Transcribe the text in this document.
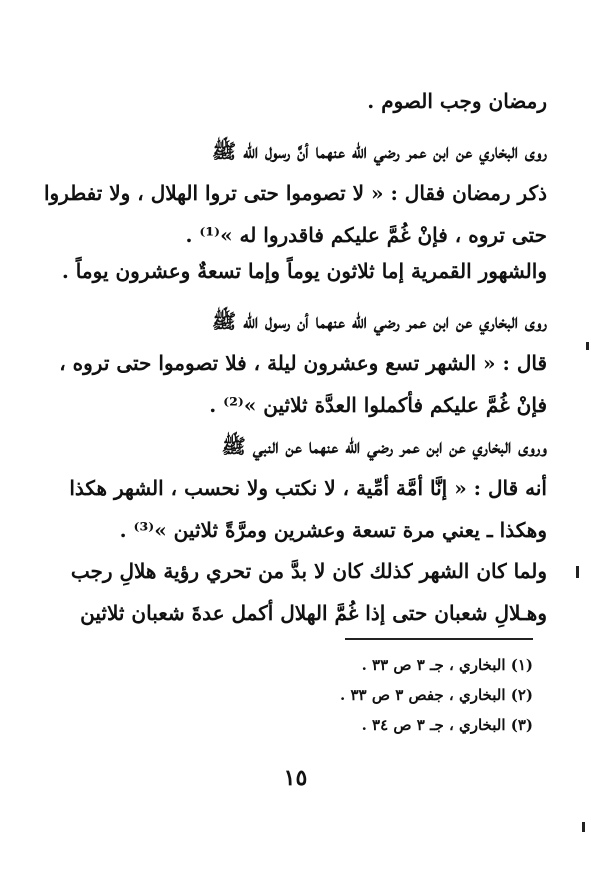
رمضان وجب الصوم .
روى البخاري عن ابن عمر رضي الله عنهما أنَّ رسول الله ﷺ
ذكر رمضان فقال : « لا تصوموا حتى تروا الهلال ، ولا تفطروا
حتى تروه ، فإنْ غُمَّ عليكم فاقدروا له »⁽¹⁾ .
والشهور القمرية إما ثلاثون يوماً وإما تسعةٌ وعشرون يوماً .
روى البخاري عن ابن عمر رضي الله عنهما أن رسول الله ﷺ
قال : « الشهر تسع وعشرون ليلة ، فلا تصوموا حتى تروه ،
فإنْ غُمَّ عليكم فأكملوا العدَّة ثلاثين »⁽²⁾ .
وروى البخاري عن ابن عمر رضي الله عنهما عن النبي ﷺ
أنه قال : « إنَّا أمَّة أمِّية ، لا نكتب ولا نحسب ، الشهر هكذا
وهكذا ـ يعني مرة تسعة وعشرين ومرَّةً ثلاثين »⁽³⁾ .
ولما كان الشهر كذلك كان لا بدَّ من تحري رؤية هلالِ رجب
وهـلالِ شعبان حتى إذا غُمَّ الهلال أكمل عدةَ شعبان ثلاثين
(١) البخاري ، جـ ٣ ص ٣٣ .
(٢) البخاري ، جفص ٣ ص ٣٣ .
(٣) البخاري ، جـ ٣ ص ٣٤ .
١٥
